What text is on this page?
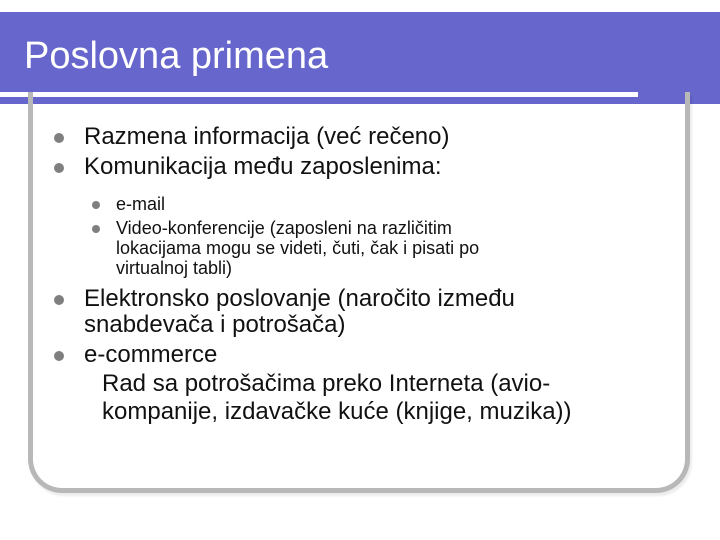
Poslovna primena
Razmena informacija (već rečeno)
Komunikacija među zaposlenima:
e-mail
Video-konferencije (zaposleni na različitim
lokacijama mogu se videti, čuti, čak i pisati po
virtualnoj tabli)
Elektronsko poslovanje (naročito između
snabdevača i potrošača)
e-commerce
Rad sa potrošačima preko Interneta (avio-
kompanije, izdavačke kuće (knjige, muzika))
